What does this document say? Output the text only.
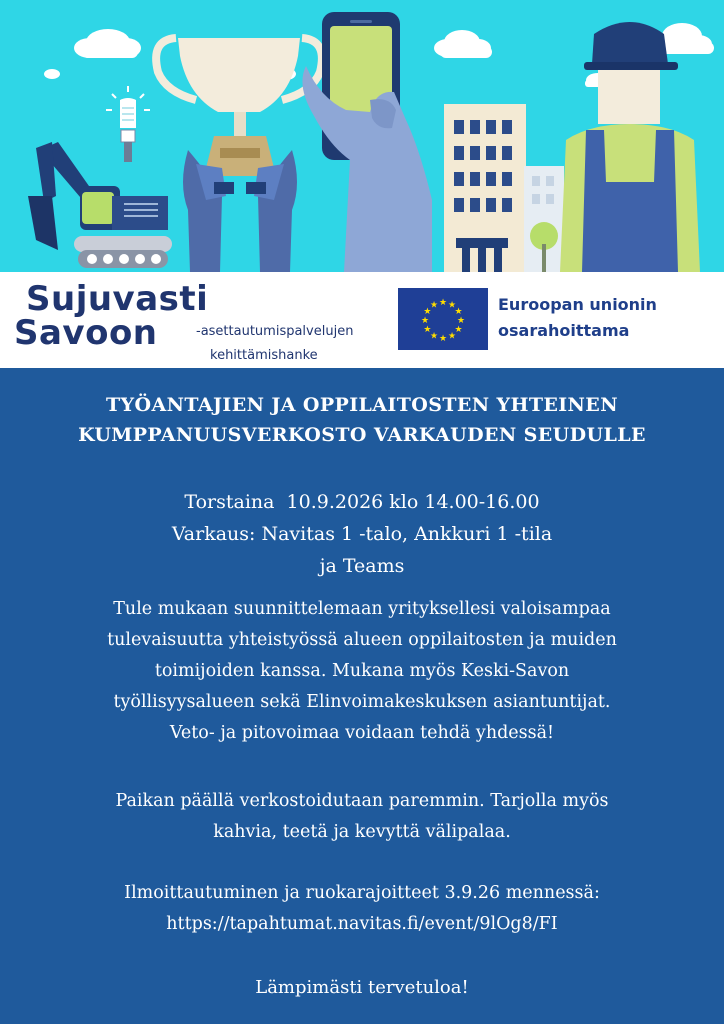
Sujuvasti
Savoon	-asettautumispalvelujen
kehittämishanke
★ ★
★
★
★
★
★
★
★
★
★
★	Euroopan unionin
osarahoittama
TYÖANTAJIEN JA OPPILAITOSTEN YHTEINEN
KUMPPANUUSVERKOSTO VARKAUDEN SEUDULLE
Torstaina  10.9.2026 klo 14.00-16.00
Varkaus: Navitas 1 -talo, Ankkuri 1 -tila
ja Teams
Tule mukaan suunnittelemaan yrityksellesi valoisampaa
tulevaisuutta yhteistyössä alueen oppilaitosten ja muiden
toimijoiden kanssa. Mukana myös Keski-Savon
työllisyysalueen sekä Elinvoimakeskuksen asiantuntijat.
Veto- ja pitovoimaa voidaan tehdä yhdessä!
Paikan päällä verkostoidutaan paremmin. Tarjolla myös
kahvia, teetä ja kevyttä välipalaa.
Ilmoittautuminen ja ruokarajoitteet 3.9.26 mennessä:
https://tapahtumat.navitas.fi/event/9lOg8/FI
Lämpimästi tervetuloa!
